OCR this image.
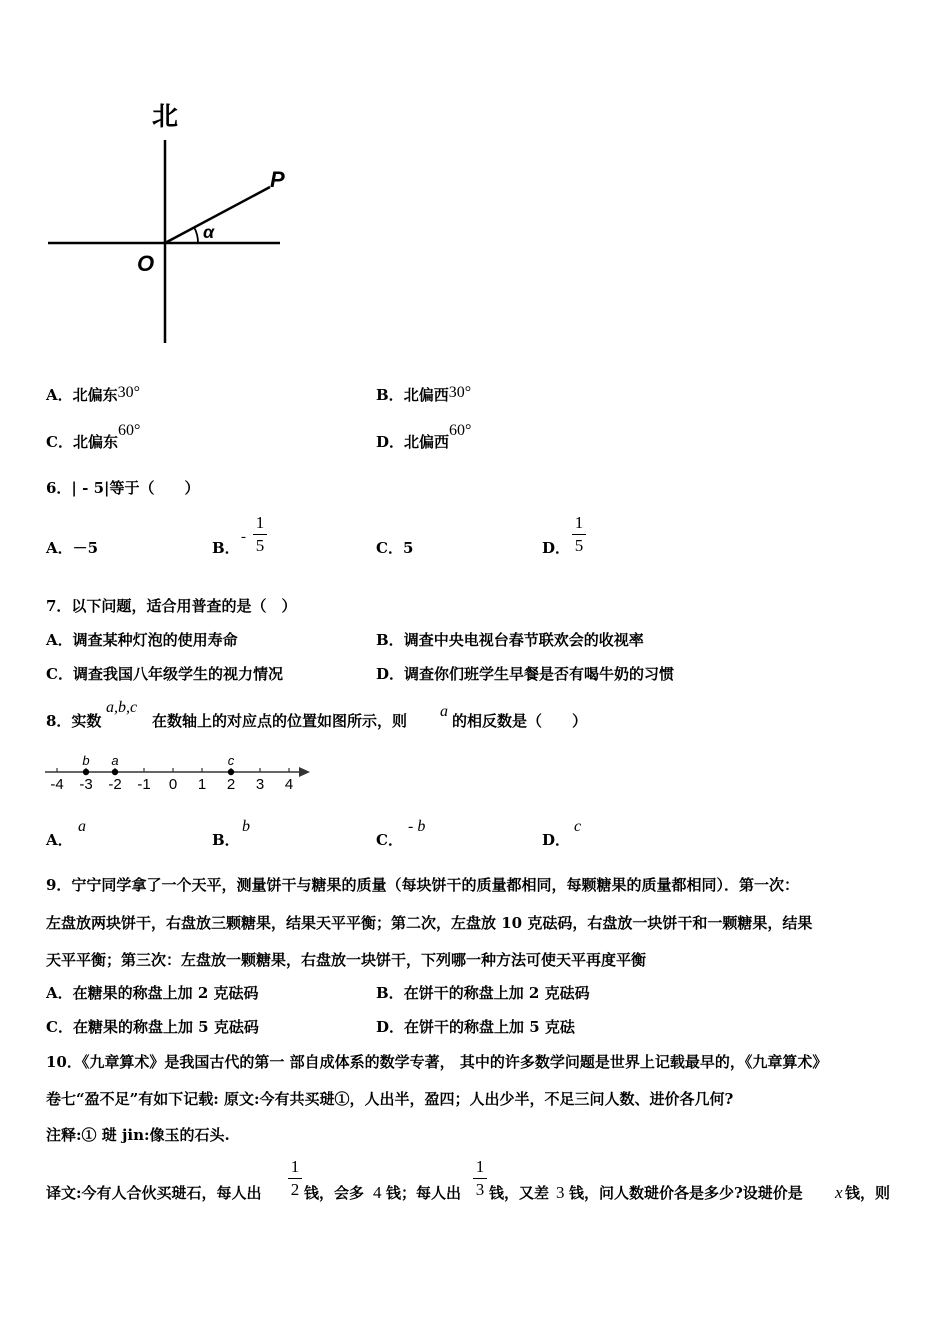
北
O
P
α
A．北偏东30°	B．北偏西30°
C．北偏东60°
D．北偏西60°
6．| - 5|等于（　　）
A．－5	B．
-
1
5	C．5	D．
1
5
7．以下问题，适合用普查的是（　）
A．调查某种灯泡的使用寿命	B．调查中央电视台春节联欢会的收视率
C．调查我国八年级学生的视力情况	D．调查你们班学生早餐是否有喝牛奶的习惯
8．实数
a,b,c
在数轴上的对应点的位置如图所示，则
a
的相反数是（　　）
-4 -3 -2 -1 0 1 2 3 4
b a	c
A．
a
B．
b
C．
- b
D．
c
9．宁宁同学拿了一个天平，测量饼干与糖果的质量（每块饼干的质量都相同，每颗糖果的质量都相同）．第一次：
左盘放两块饼干，右盘放三颗糖果，结果天平平衡；第二次，左盘放 10 克砝码，右盘放一块饼干和一颗糖果，结果
天平平衡；第三次：左盘放一颗糖果，右盘放一块饼干，下列哪一种方法可使天平再度平衡
A．在糖果的称盘上加 2 克砝码	B．在饼干的称盘上加 2 克砝码
C．在糖果的称盘上加 5 克砝码	D．在饼干的称盘上加 5 克砝
10．《九章算术》是我国古代的第一 部自成体系的数学专著， 其中的许多数学问题是世界上记载最早的，《九章算术》
卷七“盈不足”有如下记载: 原文:今有共买琎①，人出半，盈四；人出少半，不足三问人数、进价各几何?
注释:① 琎 jin:像玉的石头.
译文:今有人合伙买琎石，每人出
1
2 钱，会多 4 钱；每人出
1
3 钱，又差 3 钱，问人数琎价各是多少?设琎价是 x 钱，则
